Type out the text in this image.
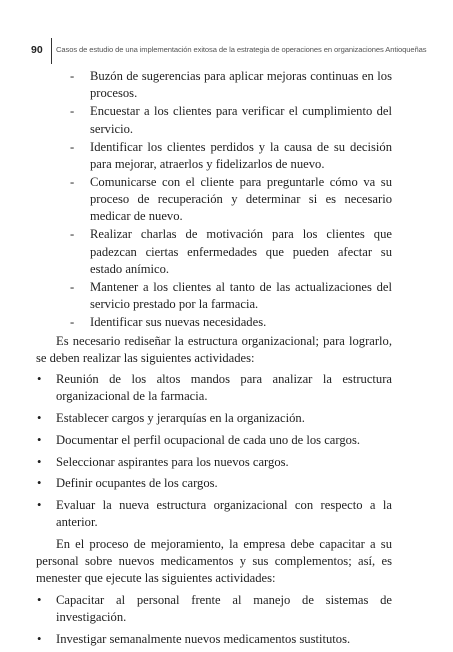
90 Casos de estudio de una implementación exitosa de la estrategia de operaciones en organizaciones Antioqueñas
- Buzón de sugerencias para aplicar mejoras continuas en los procesos.
- Encuestar a los clientes para verificar el cumplimiento del servicio.
- Identificar los clientes perdidos y la causa de su decisión para mejorar, atraerlos y fidelizarlos de nuevo.
- Comunicarse con el cliente para preguntarle cómo va su proceso de recuperación y determinar si es necesario medicar de nuevo.
- Realizar charlas de motivación para los clientes que padezcan ciertas enfermedades que pueden afectar su estado anímico.
- Mantener a los clientes al tanto de las actualizaciones del servicio prestado por la farmacia.
- Identificar sus nuevas necesidades.

Es necesario rediseñar la estructura organizacional; para lograrlo, se deben realizar las siguientes actividades:

• Reunión de los altos mandos para analizar la estructura organizacional de la farmacia.
• Establecer cargos y jerarquías en la organización.
• Documentar el perfil ocupacional de cada uno de los cargos.
• Seleccionar aspirantes para los nuevos cargos.
• Definir ocupantes de los cargos.
• Evaluar la nueva estructura organizacional con respecto a la anterior.

En el proceso de mejoramiento, la empresa debe capacitar a su personal sobre nuevos medicamentos y sus complementos; así, es menester que ejecute las siguientes actividades:

• Capacitar al personal frente al manejo de sistemas de investigación.
• Investigar semanalmente nuevos medicamentos sustitutos.
